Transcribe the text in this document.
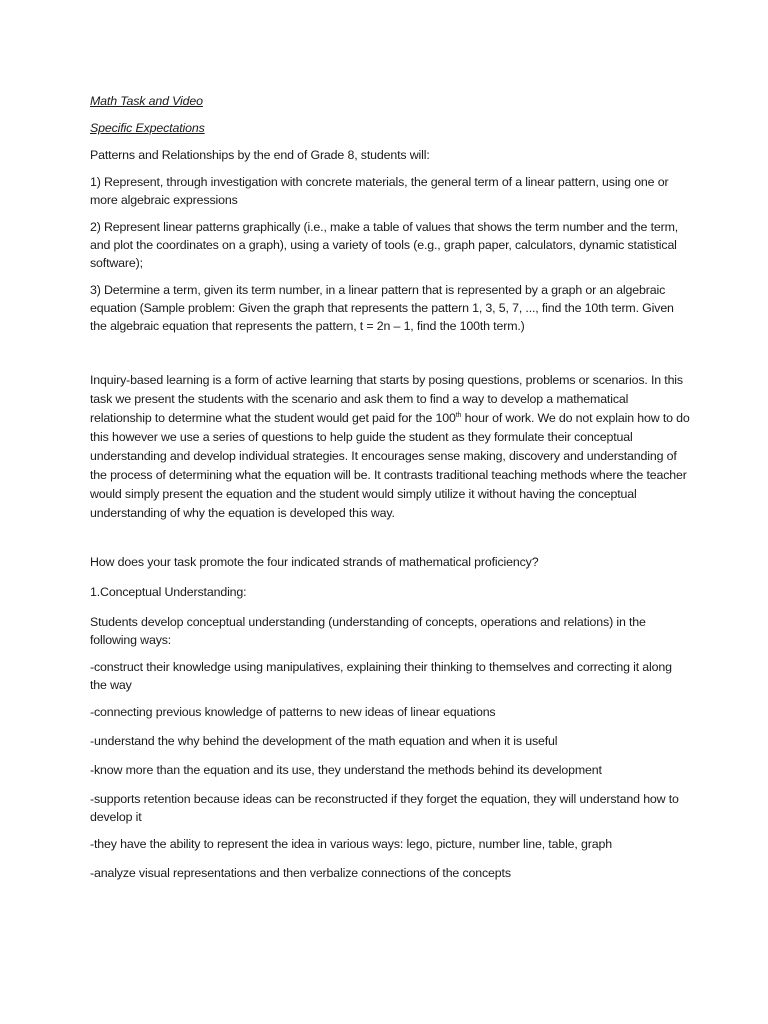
Math Task and Video

Specific Expectations

Patterns and Relationships by the end of Grade 8, students will:

1) Represent, through investigation with concrete materials, the general term of a linear pattern, using one or more algebraic expressions

2) Represent linear patterns graphically (i.e., make a table of values that shows the term number and the term, and plot the coordinates on a graph), using a variety of tools (e.g., graph paper, calculators, dynamic statistical software);

3) Determine a term, given its term number, in a linear pattern that is represented by a graph or an algebraic equation (Sample problem: Given the graph that represents the pattern 1, 3, 5, 7, ..., find the 10th term. Given the algebraic equation that represents the pattern, t = 2n – 1, find the 100th term.)

Inquiry-based learning is a form of active learning that starts by posing questions, problems or scenarios. In this task we present the students with the scenario and ask them to find a way to develop a mathematical relationship to determine what the student would get paid for the 100th hour of work. We do not explain how to do this however we use a series of questions to help guide the student as they formulate their conceptual understanding and develop individual strategies. It encourages sense making, discovery and understanding of the process of determining what the equation will be. It contrasts traditional teaching methods where the teacher would simply present the equation and the student would simply utilize it without having the conceptual understanding of why the equation is developed this way.

How does your task promote the four indicated strands of mathematical proficiency?

1.Conceptual Understanding:

Students develop conceptual understanding (understanding of concepts, operations and relations) in the following ways:

-construct their knowledge using manipulatives, explaining their thinking to themselves and correcting it along the way

-connecting previous knowledge of patterns to new ideas of linear equations

-understand the why behind the development of the math equation and when it is useful

-know more than the equation and its use, they understand the methods behind its development

-supports retention because ideas can be reconstructed if they forget the equation, they will understand how to develop it

-they have the ability to represent the idea in various ways: lego, picture, number line, table, graph

-analyze visual representations and then verbalize connections of the concepts
